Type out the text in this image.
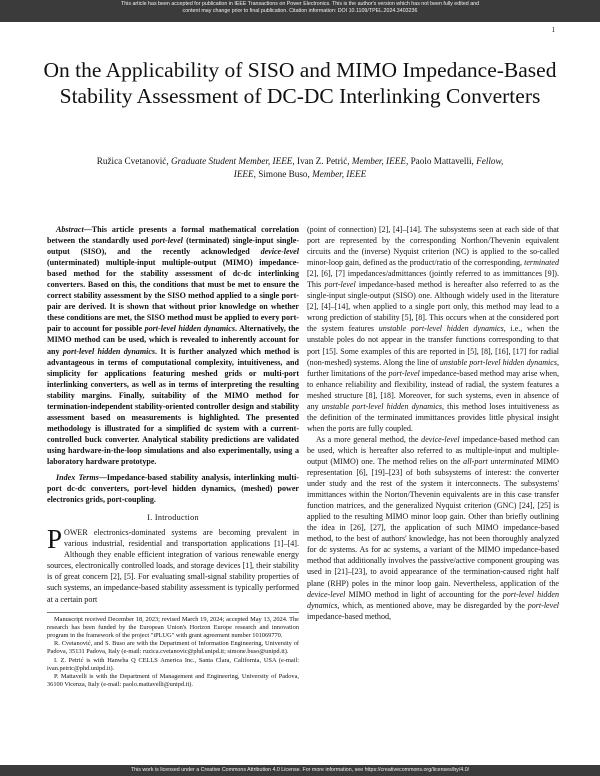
This article has been accepted for publication in IEEE Transactions on Power Electronics. This is the author's version which has not been fully edited and
content may change prior to final publication. Citation information: DOI 10.1109/TPEL.2024.3403236
1
On the Applicability of SISO and MIMO Impedance-Based Stability Assessment of DC-DC Interlinking Converters
Ružica Cvetanović, Graduate Student Member, IEEE, Ivan Z. Petrić, Member, IEEE, Paolo Mattavelli, Fellow,
IEEE, Simone Buso, Member, IEEE

Abstract—This article presents a formal mathematical correlation between the standardly used port-level (terminated) single-input single-output (SISO), and the recently acknowledged device-level (unterminated) multiple-input multiple-output (MIMO) impedance-based method for the stability assessment of dc-dc interlinking converters. Based on this, the conditions that must be met to ensure the correct stability assessment by the SISO method applied to a single port-pair are derived. It is shown that without prior knowledge on whether these conditions are met, the SISO method must be applied to every port-pair to account for possible port-level hidden dynamics. Alternatively, the MIMO method can be used, which is revealed to inherently account for any port-level hidden dynamics. It is further analyzed which method is advantageous in terms of computational complexity, intuitiveness, and simplicity for applications featuring meshed grids or multi-port interlinking converters, as well as in terms of interpreting the resulting stability margins. Finally, suitability of the MIMO method for termination-independent stability-oriented controller design and stability assessment based on measurements is highlighted. The presented methodology is illustrated for a simplified dc system with a current-controlled buck converter. Analytical stability predictions are validated using hardware-in-the-loop simulations and also experimentally, using a laboratory hardware prototype.

Index Terms—Impedance-based stability analysis, interlinking multi-port dc-dc converters, port-level hidden dynamics, (meshed) power electronics grids, port-coupling.

I. Introduction

POWER electronics-dominated systems are becoming prevalent in various industrial, residential and transportation applications [1]–[4]. Although they enable efficient integration of various renewable energy sources, electronically controlled loads, and storage devices [1], their stability is of great concern [2], [5]. For evaluating small-signal stability properties of such systems, an impedance-based stability assessment is typically performed at a certain port

Manuscript received December 18, 2023; revised March 19, 2024; accepted May 13, 2024. The research has been funded by the European Union's Horizon Europe research and innovation program in the framework of the project "iPLUG" with grant agreement number 101069770.

R. Cvetanović, and S. Buso are with the Department of Information Engineering, University of Padova, 35131 Padova, Italy (e-mail: ruzica.cvetanovic@phd.unipd.it; simone.buso@unipd.it).

I. Z. Petrić is with Hanwha Q CELLS America Inc., Santa Clara, California, USA (e-mail: ivan.petric@phd.unipd.it).

P. Mattavelli is with the Department of Management and Engineering, University of Padova, 36100 Vicenza, Italy (e-mail: paolo.mattavelli@unipd.it).

(point of connection) [2], [4]–[14]. The subsystems seen at each side of that port are represented by the corresponding Northon/Thevenin equivalent circuits and the (inverse) Nyquist criterion (NC) is applied to the so-called minor-loop gain, defined as the product/ratio of the corresponding, terminated [2], [6], [7] impedances/admittances (jointly referred to as immittances [9]). This port-level impedance-based method is hereafter also referred to as the single-input single-output (SISO) one. Although widely used in the literature [2], [4]–[14], when applied to a single port only, this method may lead to a wrong prediction of stability [5], [8]. This occurs when at the considered port the system features unstable port-level hidden dynamics, i.e., when the unstable poles do not appear in the transfer functions corresponding to that port [15]. Some examples of this are reported in [5], [8], [16], [17] for radial (non-meshed) systems. Along the line of unstable port-level hidden dynamics, further limitations of the port-level impedance-based method may arise when, to enhance reliability and flexibility, instead of radial, the system features a meshed structure [8], [18]. Moreover, for such systems, even in absence of any unstable port-level hidden dynamics, this method loses intuitiveness as the definition of the terminated immittances provides little physical insight when the ports are fully coupled.

As a more general method, the device-level impedance-based method can be used, which is hereafter also referred to as multiple-input and multiple-output (MIMO) one. The method relies on the all-port unterminated MIMO representation [6], [19]–[23] of both subsystems of interest: the converter under study and the rest of the system it interconnects. The subsystems' immittances within the Norton/Thevenin equivalents are in this case transfer function matrices, and the generalized Nyquist criterion (GNC) [24], [25] is applied to the resulting MIMO minor loop gain. Other than briefly outlining the idea in [26], [27], the application of such MIMO impedance-based method, to the best of authors' knowledge, has not been thoroughly analyzed for dc systems. As for ac systems, a variant of the MIMO impedance-based method that additionally involves the passive/active component grouping was used in [21]–[23], to avoid appearance of the termination-caused right half plane (RHP) poles in the minor loop gain. Nevertheless, application of the device-level MIMO method in light of accounting for the port-level hidden dynamics, which, as mentioned above, may be disregarded by the port-level impedance-based method,

This work is licensed under a Creative Commons Attribution 4.0 License. For more information, see https://creativecommons.org/licenses/by/4.0/
